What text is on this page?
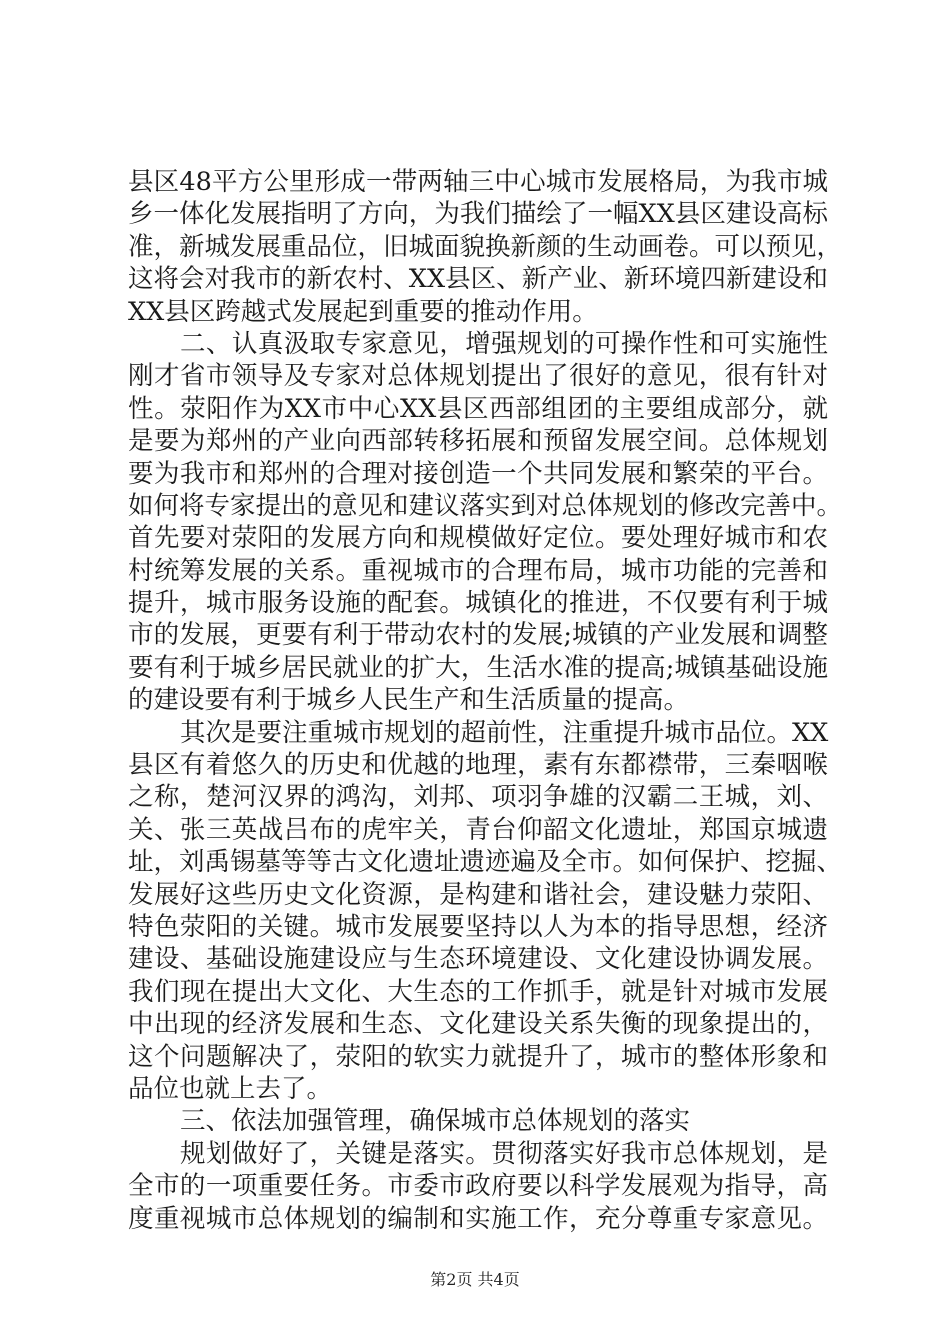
县区48平方公里形成一带两轴三中心城市发展格局，为我市城
乡一体化发展指明了方向，为我们描绘了一幅XX县区建设高标
准，新城发展重品位，旧城面貌换新颜的生动画卷。可以预见，
这将会对我市的新农村、XX县区、新产业、新环境四新建设和
XX县区跨越式发展起到重要的推动作用。
二、认真汲取专家意见，增强规划的可操作性和可实施性
刚才省市领导及专家对总体规划提出了很好的意见，很有针对
性。荥阳作为XX市中心XX县区西部组团的主要组成部分，就
是要为郑州的产业向西部转移拓展和预留发展空间。总体规划
要为我市和郑州的合理对接创造一个共同发展和繁荣的平台。
如何将专家提出的意见和建议落实到对总体规划的修改完善中。
首先要对荥阳的发展方向和规模做好定位。要处理好城市和农
村统筹发展的关系。重视城市的合理布局，城市功能的完善和
提升，城市服务设施的配套。城镇化的推进，不仅要有利于城
市的发展，更要有利于带动农村的发展;城镇的产业发展和调整
要有利于城乡居民就业的扩大，生活水准的提高;城镇基础设施
的建设要有利于城乡人民生产和生活质量的提高。
其次是要注重城市规划的超前性，注重提升城市品位。XX
县区有着悠久的历史和优越的地理，素有东都襟带，三秦咽喉
之称，楚河汉界的鸿沟，刘邦、项羽争雄的汉霸二王城，刘、
关、张三英战吕布的虎牢关，青台仰韶文化遗址，郑国京城遗
址，刘禹锡墓等等古文化遗址遗迹遍及全市。如何保护、挖掘、
发展好这些历史文化资源，是构建和谐社会，建设魅力荥阳、
特色荥阳的关键。城市发展要坚持以人为本的指导思想，经济
建设、基础设施建设应与生态环境建设、文化建设协调发展。
我们现在提出大文化、大生态的工作抓手，就是针对城市发展
中出现的经济发展和生态、文化建设关系失衡的现象提出的，
这个问题解决了，荥阳的软实力就提升了，城市的整体形象和
品位也就上去了。
三、依法加强管理，确保城市总体规划的落实
规划做好了，关键是落实。贯彻落实好我市总体规划，是
全市的一项重要任务。市委市政府要以科学发展观为指导，高
度重视城市总体规划的编制和实施工作，充分尊重专家意见。
第2页 共4页
